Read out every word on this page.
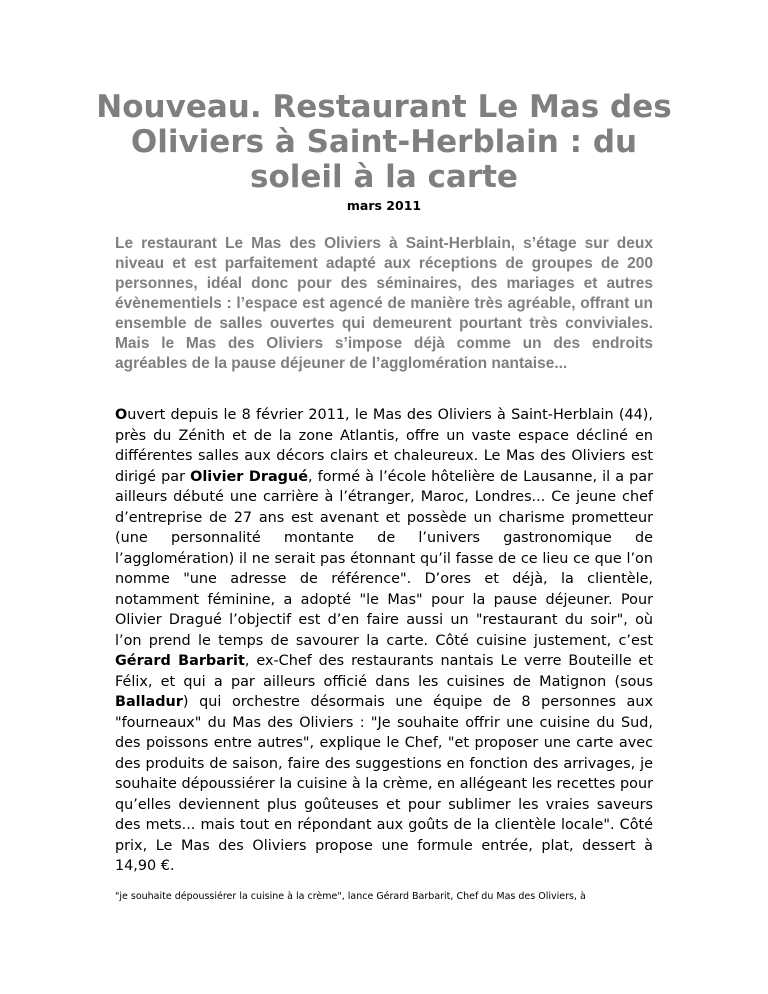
Nouveau. Restaurant Le Mas des Oliviers à Saint-Herblain : du soleil à la carte
mars 2011

Le restaurant Le Mas des Oliviers à Saint-Herblain, s’étage sur deux niveau et est parfaitement adapté aux réceptions de groupes de 200 personnes, idéal donc pour des séminaires, des mariages et autres évènementiels : l’espace est agencé de manière très agréable, offrant un ensemble de salles ouvertes qui demeurent pourtant très conviviales. Mais le Mas des Oliviers s’impose déjà comme un des endroits agréables de la pause déjeuner de l’agglomération nantaise...

Ouvert depuis le 8 février 2011, le Mas des Oliviers à Saint-Herblain (44), près du Zénith et de la zone Atlantis, offre un vaste espace décliné en différentes salles aux décors clairs et chaleureux. Le Mas des Oliviers est dirigé par Olivier Dragué, formé à l’école hôtelière de Lausanne, il a par ailleurs débuté une carrière à l’étranger, Maroc, Londres... Ce jeune chef d’entreprise de 27 ans est avenant et possède un charisme prometteur (une personnalité montante de l’univers gastronomique de l’agglomération) il ne serait pas étonnant qu’il fasse de ce lieu ce que l’on nomme "une adresse de référence". D’ores et déjà, la clientèle, notamment féminine, a adopté "le Mas" pour la pause déjeuner. Pour Olivier Dragué l’objectif est d’en faire aussi un "restaurant du soir", où l’on prend le temps de savourer la carte. Côté cuisine justement, c’est Gérard Barbarit, ex-Chef des restaurants nantais Le verre Bouteille et Félix, et qui a par ailleurs officié dans les cuisines de Matignon (sous Balladur) qui orchestre désormais une équipe de 8 personnes aux "fourneaux" du Mas des Oliviers : "Je souhaite offrir une cuisine du Sud, des poissons entre autres", explique le Chef, "et proposer une carte avec des produits de saison, faire des suggestions en fonction des arrivages, je souhaite dépoussiérer la cuisine à la crème, en allégeant les recettes pour qu’elles deviennent plus goûteuses et pour sublimer les vraies saveurs des mets... mais tout en répondant aux goûts de la clientèle locale". Côté prix, Le Mas des Oliviers propose une formule entrée, plat, dessert à 14,90 €.

"je souhaite dépoussiérer la cuisine à la crème", lance Gérard Barbarit, Chef du Mas des Oliviers, à
